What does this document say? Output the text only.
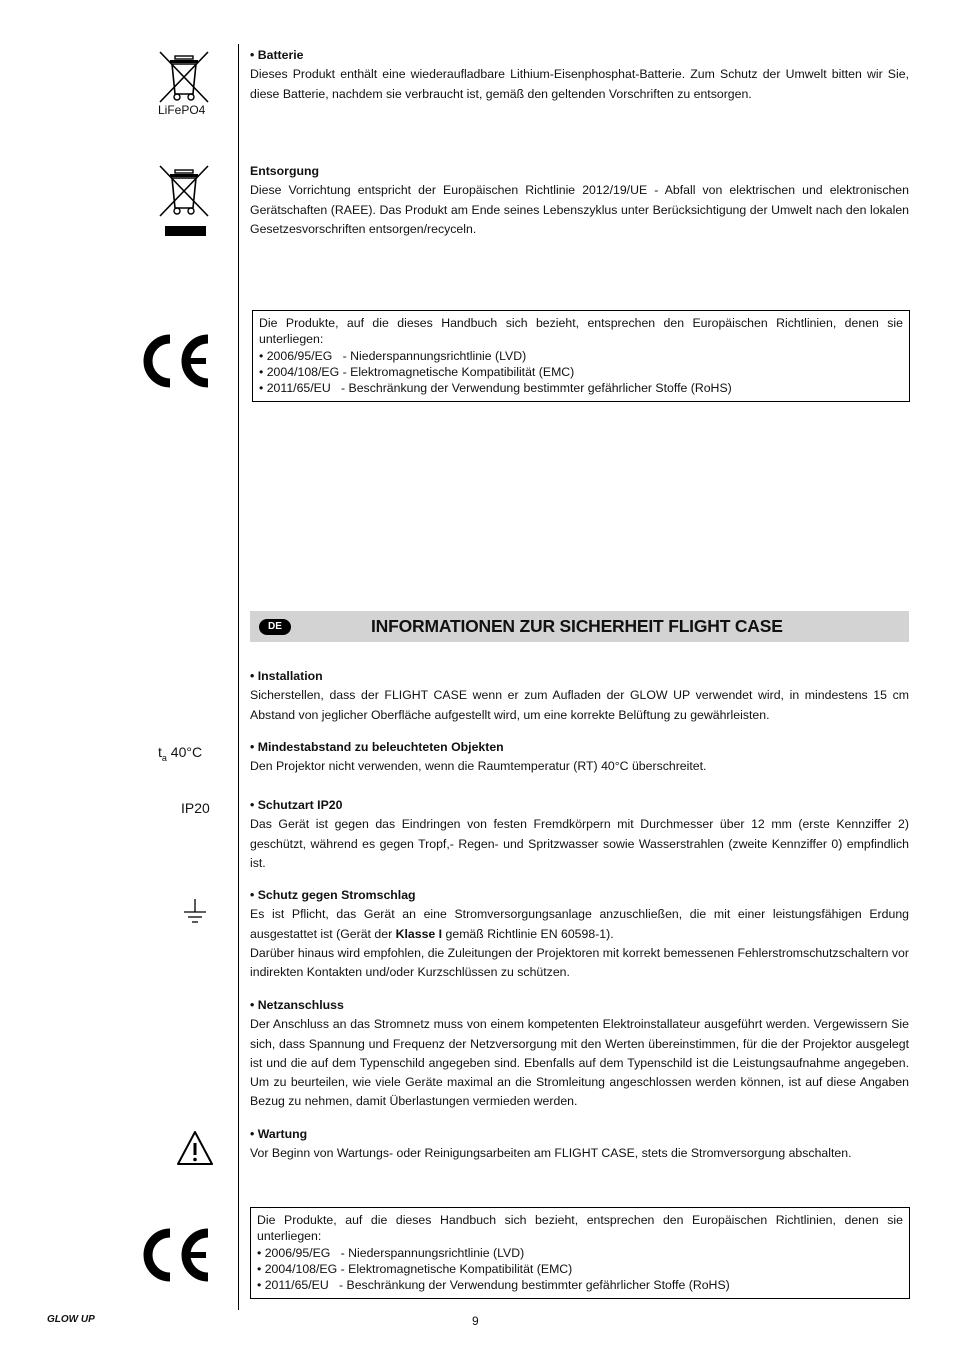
LiFePO4
• Batterie
Dieses Produkt enthält eine wiederaufladbare Lithium-Eisenphosphat-Batterie. Zum Schutz der Umwelt bitten wir Sie, diese Batterie, nachdem sie verbraucht ist, gemäß den geltenden Vorschriften zu entsorgen.
Entsorgung
Diese Vorrichtung entspricht der Europäischen Richtlinie 2012/19/UE - Abfall von elektrischen und elektronischen Gerätschaften (RAEE). Das Produkt am Ende seines Lebenszyklus unter Berücksichtigung der Umwelt nach den lokalen Gesetzesvorschriften entsorgen/recyceln.
Die Produkte, auf die dieses Handbuch sich bezieht, entsprechen den Europäischen Richtlinien, denen sie unterliegen:
• 2006/95/EG   - Niederspannungsrichtlinie (LVD)
• 2004/108/EG - Elektromagnetische Kompatibilität (EMC)
• 2011/65/EU   - Beschränkung der Verwendung bestimmter gefährlicher Stoffe (RoHS)
DE	INFORMATIONEN ZUR SICHERHEIT FLIGHT CASE
• Installation
Sicherstellen, dass der FLIGHT CASE wenn er zum Aufladen der GLOW UP verwendet wird, in mindestens 15 cm Abstand von jeglicher Oberfläche aufgestellt wird, um eine korrekte Belüftung zu gewährleisten.
$t_a$ 40°C	• Mindestabstand zu beleuchteten Objekten
Den Projektor nicht verwenden, wenn die Raumtemperatur (RT) 40°C überschreitet.
IP20	• Schutzart IP20
Das Gerät ist gegen das Eindringen von festen Fremdkörpern mit Durchmesser über 12 mm (erste Kennziffer 2) geschützt, während es gegen Tropf,- Regen- und Spritzwasser sowie Wasserstrahlen (zweite Kennziffer 0) empfindlich ist.
• Schutz gegen Stromschlag
Es ist Pflicht, das Gerät an eine Stromversorgungsanlage anzuschließen, die mit einer leistungsfähigen Erdung ausgestattet ist (Gerät der Klasse I gemäß Richtlinie EN 60598-1).
Darüber hinaus wird empfohlen, die Zuleitungen der Projektoren mit korrekt bemessenen Fehlerstromschutzschaltern vor indirekten Kontakten und/oder Kurzschlüssen zu schützen.
• Netzanschluss
Der Anschluss an das Stromnetz muss von einem kompetenten Elektroinstallateur ausgeführt werden. Vergewissern Sie sich, dass Spannung und Frequenz der Netzversorgung mit den Werten übereinstimmen, für die der Projektor ausgelegt ist und die auf dem Typenschild angegeben sind. Ebenfalls auf dem Typenschild ist die Leistungsaufnahme angegeben. Um zu beurteilen, wie viele Geräte maximal an die Stromleitung angeschlossen werden können, ist auf diese Angaben Bezug zu nehmen, damit Überlastungen vermieden werden.
• Wartung
Vor Beginn von Wartungs- oder Reinigungsarbeiten am FLIGHT CASE, stets die Stromversorgung abschalten.
Die Produkte, auf die dieses Handbuch sich bezieht, entsprechen den Europäischen Richtlinien, denen sie unterliegen:
• 2006/95/EG   - Niederspannungsrichtlinie (LVD)
• 2004/108/EG - Elektromagnetische Kompatibilität (EMC)
• 2011/65/EU   - Beschränkung der Verwendung bestimmter gefährlicher Stoffe (RoHS)
GLOW UP	9
